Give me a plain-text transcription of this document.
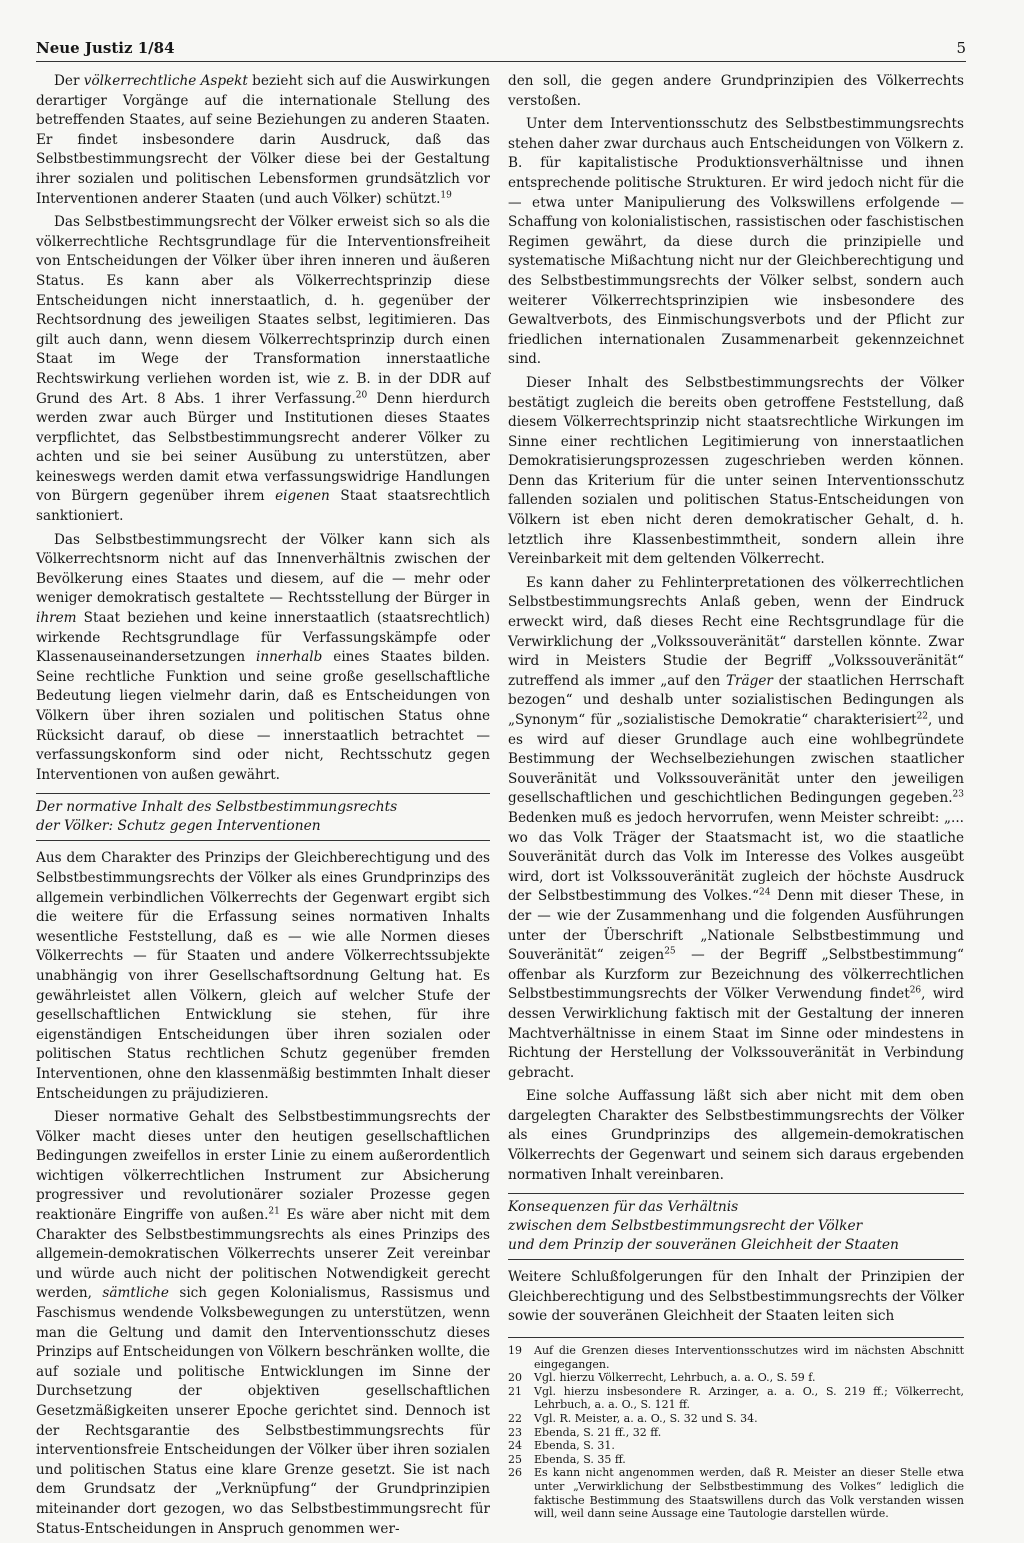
Neue Justiz 1/84	5

Der völkerrechtliche Aspekt bezieht sich auf die Auswirkungen derartiger Vorgänge auf die internationale Stellung des betreffenden Staates, auf seine Beziehungen zu anderen Staaten. Er findet insbesondere darin Ausdruck, daß das Selbstbestimmungsrecht der Völker diese bei der Gestaltung ihrer sozialen und politischen Lebensformen grundsätzlich vor Interventionen anderer Staaten (und auch Völker) schützt.$^{19}$

Das Selbstbestimmungsrecht der Völker erweist sich so als die völkerrechtliche Rechtsgrundlage für die Interventionsfreiheit von Entscheidungen der Völker über ihren inneren und äußeren Status. Es kann aber als Völkerrechtsprinzip diese Entscheidungen nicht innerstaatlich, d. h. gegenüber der Rechtsordnung des jeweiligen Staates selbst, legitimieren. Das gilt auch dann, wenn diesem Völkerrechtsprinzip durch einen Staat im Wege der Transformation innerstaatliche Rechtswirkung verliehen worden ist, wie z. B. in der DDR auf Grund des Art. 8 Abs. 1 ihrer Verfassung.$^{20}$ Denn hierdurch werden zwar auch Bürger und Institutionen dieses Staates verpflichtet, das Selbstbestimmungsrecht anderer Völker zu achten und sie bei seiner Ausübung zu unterstützen, aber keineswegs werden damit etwa verfassungswidrige Handlungen von Bürgern gegenüber ihrem eigenen Staat staatsrechtlich sanktioniert.

Das Selbstbestimmungsrecht der Völker kann sich als Völkerrechtsnorm nicht auf das Innenverhältnis zwischen der Bevölkerung eines Staates und diesem, auf die — mehr oder weniger demokratisch gestaltete — Rechtsstellung der Bürger in ihrem Staat beziehen und keine innerstaatlich (staatsrechtlich) wirkende Rechtsgrundlage für Verfassungskämpfe oder Klassenauseinandersetzungen innerhalb eines Staates bilden. Seine rechtliche Funktion und seine große gesellschaftliche Bedeutung liegen vielmehr darin, daß es Entscheidungen von Völkern über ihren sozialen und politischen Status ohne Rücksicht darauf, ob diese — innerstaatlich betrachtet — verfassungskonform sind oder nicht, Rechtsschutz gegen Interventionen von außen gewährt.

Der normative Inhalt des Selbstbestimmungsrechts
der Völker: Schutz gegen Interventionen

Aus dem Charakter des Prinzips der Gleichberechtigung und des Selbstbestimmungsrechts der Völker als eines Grundprinzips des allgemein verbindlichen Völkerrechts der Gegenwart ergibt sich die weitere für die Erfassung seines normativen Inhalts wesentliche Feststellung, daß es — wie alle Normen dieses Völkerrechts — für Staaten und andere Völkerrechtssubjekte unabhängig von ihrer Gesellschaftsordnung Geltung hat. Es gewährleistet allen Völkern, gleich auf welcher Stufe der gesellschaftlichen Entwicklung sie stehen, für ihre eigenständigen Entscheidungen über ihren sozialen oder politischen Status rechtlichen Schutz gegenüber fremden Interventionen, ohne den klassenmäßig bestimmten Inhalt dieser Entscheidungen zu präjudizieren.

Dieser normative Gehalt des Selbstbestimmungsrechts der Völker macht dieses unter den heutigen gesellschaftlichen Bedingungen zweifellos in erster Linie zu einem außerordentlich wichtigen völkerrechtlichen Instrument zur Absicherung progressiver und revolutionärer sozialer Prozesse gegen reaktionäre Eingriffe von außen.$^{21}$ Es wäre aber nicht mit dem Charakter des Selbstbestimmungsrechts als eines Prinzips des allgemein-demokratischen Völkerrechts unserer Zeit vereinbar und würde auch nicht der politischen Notwendigkeit gerecht werden, sämtliche sich gegen Kolonialismus, Rassismus und Faschismus wendende Volksbewegungen zu unterstützen, wenn man die Geltung und damit den Interventionsschutz dieses Prinzips auf Entscheidungen von Völkern beschränken wollte, die auf soziale und politische Entwicklungen im Sinne der Durchsetzung der objektiven gesellschaftlichen Gesetzmäßigkeiten unserer Epoche gerichtet sind. Dennoch ist der Rechtsgarantie des Selbstbestimmungsrechts für interventionsfreie Entscheidungen der Völker über ihren sozialen und politischen Status eine klare Grenze gesetzt. Sie ist nach dem Grundsatz der „Verknüpfung“ der Grundprinzipien miteinander dort gezogen, wo das Selbstbestimmungsrecht für Status-Entscheidungen in Anspruch genommen wer-

den soll, die gegen andere Grundprinzipien des Völkerrechts verstoßen.

Unter dem Interventionsschutz des Selbstbestimmungsrechts stehen daher zwar durchaus auch Entscheidungen von Völkern z. B. für kapitalistische Produktionsverhältnisse und ihnen entsprechende politische Strukturen. Er wird jedoch nicht für die — etwa unter Manipulierung des Volkswillens erfolgende — Schaffung von kolonialistischen, rassistischen oder faschistischen Regimen gewährt, da diese durch die prinzipielle und systematische Mißachtung nicht nur der Gleichberechtigung und des Selbstbestimmungsrechts der Völker selbst, sondern auch weiterer Völkerrechtsprinzipien wie insbesondere des Gewaltverbots, des Einmischungsverbots und der Pflicht zur friedlichen internationalen Zusammenarbeit gekennzeichnet sind.

Dieser Inhalt des Selbstbestimmungsrechts der Völker bestätigt zugleich die bereits oben getroffene Feststellung, daß diesem Völkerrechtsprinzip nicht staatsrechtliche Wirkungen im Sinne einer rechtlichen Legitimierung von innerstaatlichen Demokratisierungsprozessen zugeschrieben werden können. Denn das Kriterium für die unter seinen Interventionsschutz fallenden sozialen und politischen Status-Entscheidungen von Völkern ist eben nicht deren demokratischer Gehalt, d. h. letztlich ihre Klassenbestimmtheit, sondern allein ihre Vereinbarkeit mit dem geltenden Völkerrecht.

Es kann daher zu Fehlinterpretationen des völkerrechtlichen Selbstbestimmungsrechts Anlaß geben, wenn der Eindruck erweckt wird, daß dieses Recht eine Rechtsgrundlage für die Verwirklichung der „Volkssouveränität“ darstellen könnte. Zwar wird in Meisters Studie der Begriff „Volkssouveränität“ zutreffend als immer „auf den Träger der staatlichen Herrschaft bezogen“ und deshalb unter sozialistischen Bedingungen als „Synonym“ für „sozialistische Demokratie“ charakterisiert$^{22}$, und es wird auf dieser Grundlage auch eine wohlbegründete Bestimmung der Wechselbeziehungen zwischen staatlicher Souveränität und Volkssouveränität unter den jeweiligen gesellschaftlichen und geschichtlichen Bedingungen gegeben.$^{23}$ Bedenken muß es jedoch hervorrufen, wenn Meister schreibt: „... wo das Volk Träger der Staatsmacht ist, wo die staatliche Souveränität durch das Volk im Interesse des Volkes ausgeübt wird, dort ist Volkssouveränität zugleich der höchste Ausdruck der Selbstbestimmung des Volkes.“$^{24}$ Denn mit dieser These, in der — wie der Zusammenhang und die folgenden Ausführungen unter der Überschrift „Nationale Selbstbestimmung und Souveränität“ zeigen$^{25}$ — der Begriff „Selbstbestimmung“ offenbar als Kurzform zur Bezeichnung des völkerrechtlichen Selbstbestimmungsrechts der Völker Verwendung findet$^{26}$, wird dessen Verwirklichung faktisch mit der Gestaltung der inneren Machtverhältnisse in einem Staat im Sinne oder mindestens in Richtung der Herstellung der Volkssouveränität in Verbindung gebracht.

Eine solche Auffassung läßt sich aber nicht mit dem oben dargelegten Charakter des Selbstbestimmungsrechts der Völker als eines Grundprinzips des allgemein-demokratischen Völkerrechts der Gegenwart und seinem sich daraus ergebenden normativen Inhalt vereinbaren.

Konsequenzen für das Verhältnis
zwischen dem Selbstbestimmungsrecht der Völker
und dem Prinzip der souveränen Gleichheit der Staaten

Weitere Schlußfolgerungen für den Inhalt der Prinzipien der Gleichberechtigung und des Selbstbestimmungsrechts der Völker sowie der souveränen Gleichheit der Staaten leiten sich

19	Auf die Grenzen dieses Interventionsschutzes wird im nächsten Abschnitt eingegangen.
20	Vgl. hierzu Völkerrecht, Lehrbuch, a. a. O., S. 59 f.
21	Vgl. hierzu insbesondere R. Arzinger, a. a. O., S. 219 ff.; Völkerrecht, Lehrbuch, a. a. O., S. 121 ff.
22	Vgl. R. Meister, a. a. O., S. 32 und S. 34.
23	Ebenda, S. 21 ff., 32 ff.
24	Ebenda, S. 31.
25	Ebenda, S. 35 ff.
26	Es kann nicht angenommen werden, daß R. Meister an dieser Stelle etwa unter „Verwirklichung der Selbstbestimmung des Volkes“ lediglich die faktische Bestimmung des Staatswillens durch das Volk verstanden wissen will, weil dann seine Aussage eine Tautologie darstellen würde.
